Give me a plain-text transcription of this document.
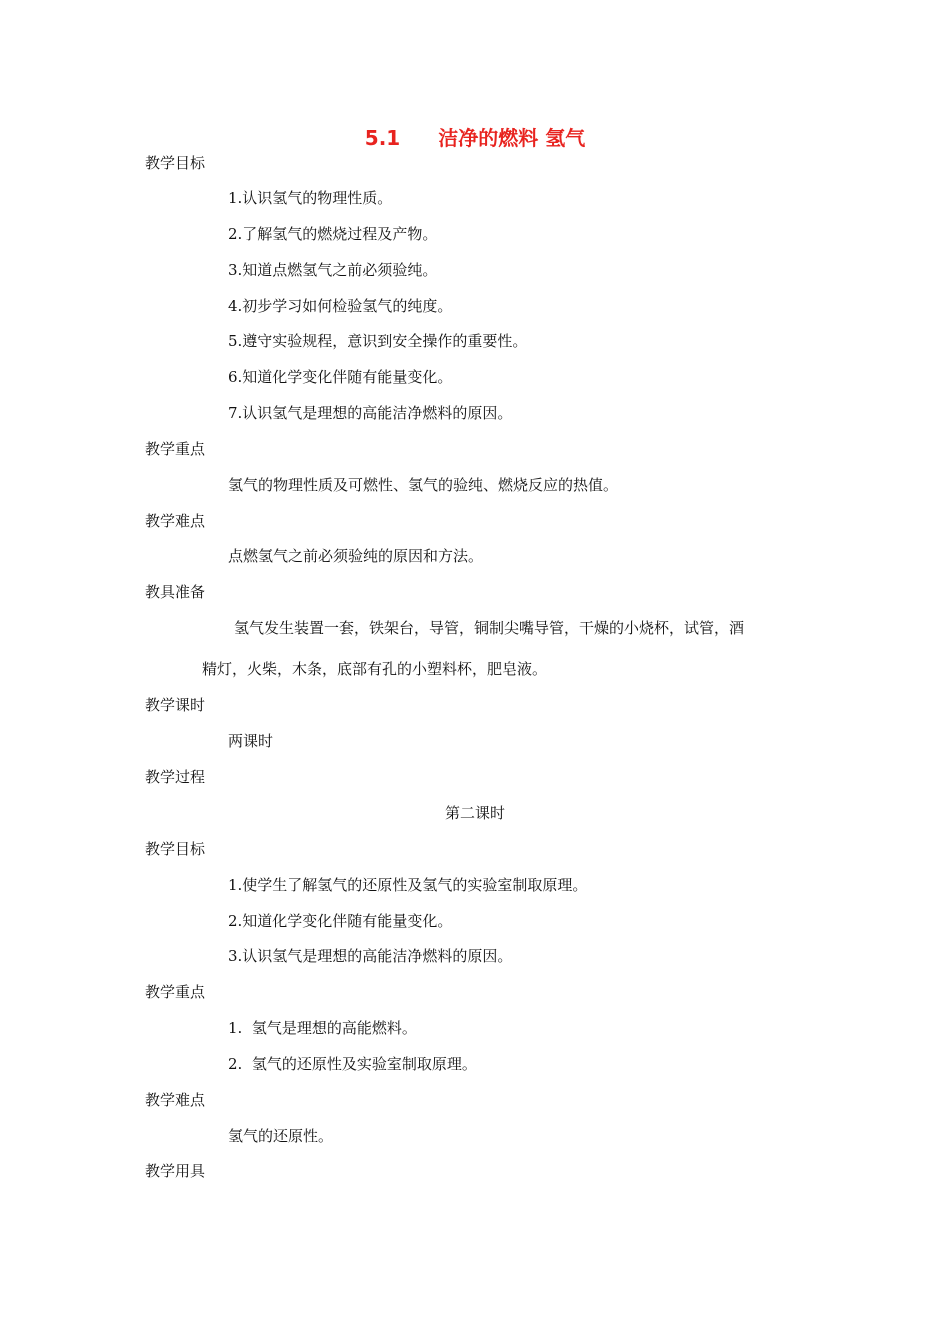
5.1 洁净的燃料 氢气
教学目标
1.认识氢气的物理性质。
2.了解氢气的燃烧过程及产物。
3.知道点燃氢气之前必须验纯。
4.初步学习如何检验氢气的纯度。
5.遵守实验规程，意识到安全操作的重要性。
6.知道化学变化伴随有能量变化。
7.认识氢气是理想的高能洁净燃料的原因。
教学重点
氢气的物理性质及可燃性、氢气的验纯、燃烧反应的热值。
教学难点
点燃氢气之前必须验纯的原因和方法。
教具准备
氢气发生装置一套，铁架台，导管，铜制尖嘴导管，干燥的小烧杯，试管，酒
精灯，火柴，木条，底部有孔的小塑料杯，肥皂液。
教学课时
两课时
教学过程
第二课时
教学目标
1.使学生了解氢气的还原性及氢气的实验室制取原理。
2.知道化学变化伴随有能量变化。
3.认识氢气是理想的高能洁净燃料的原因。
教学重点
1.  氢气是理想的高能燃料。
2.  氢气的还原性及实验室制取原理。
教学难点
氢气的还原性。
教学用具
